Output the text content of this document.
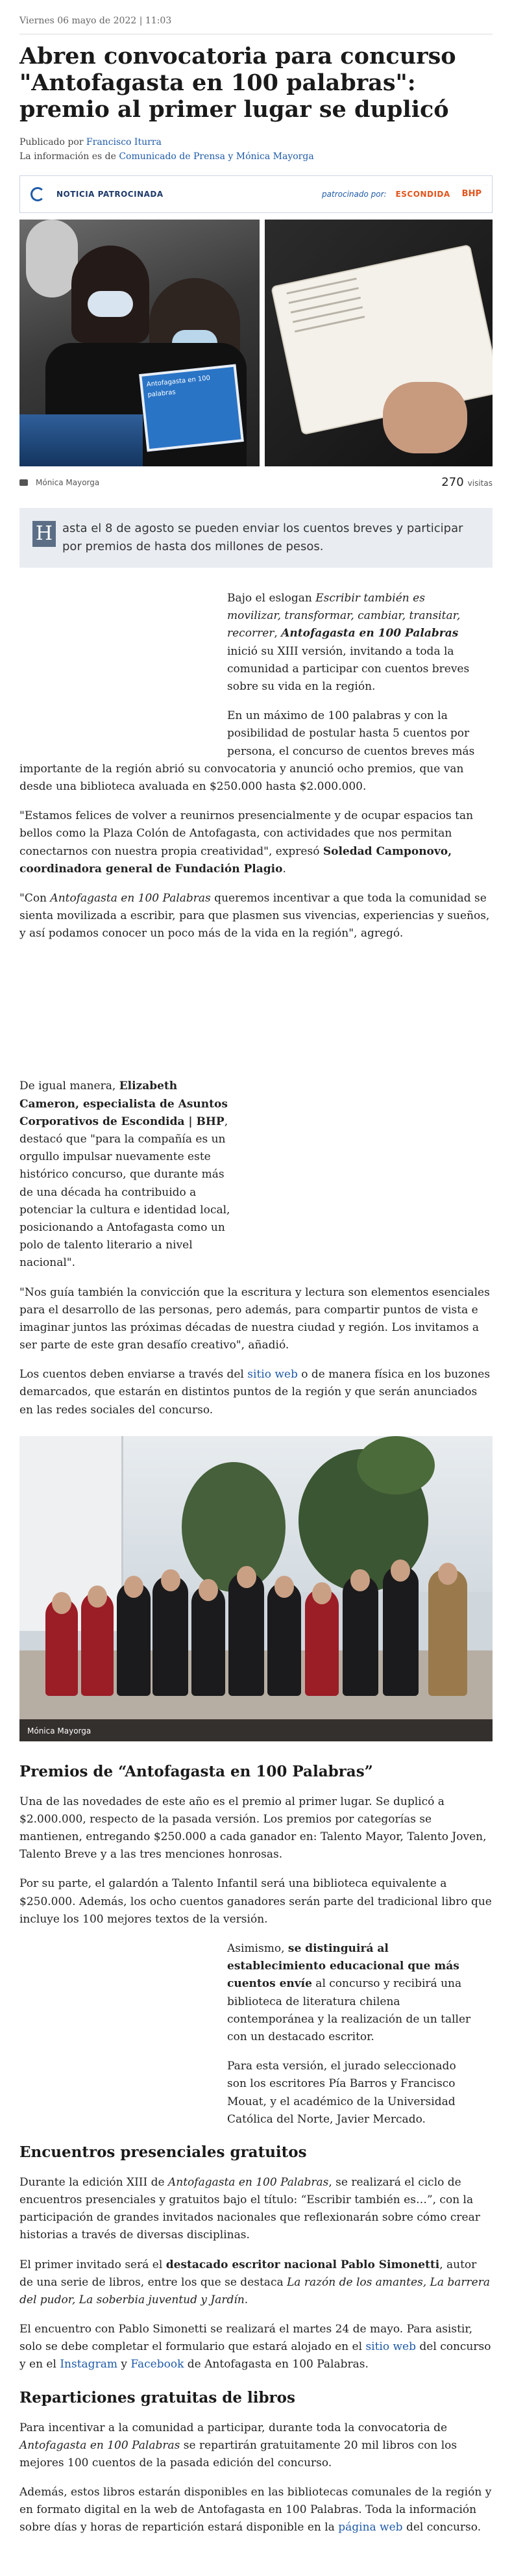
Viernes 06 mayo de 2022 | 11:03
Abren convocatoria para concurso "Antofagasta en 100 palabras": premio al primer lugar se duplicó
Publicado por Francisco Iturra
La información es de Comunicado de Prensa y Mónica Mayorga
NOTICIA PATROCINADA	patrocinado por: ESCONDIDA BHP
Antofagasta en 100 palabras
Mónica Mayorga	270 visitas
H asta el 8 de agosto se pueden enviar los cuentos breves y participar por premios de hasta dos millones de pesos.

Bajo el eslogan Escribir también es movilizar, transformar, cambiar, transitar, recorrer, Antofagasta en 100 Palabras inició su XIII versión, invitando a toda la comunidad a participar con cuentos breves sobre su vida en la región.

En un máximo de 100 palabras y con la posibilidad de postular hasta 5 cuentos por persona, el concurso de cuentos breves más
importante de la región abrió su convocatoria y anunció ocho premios, que van desde una biblioteca avaluada en $250.000 hasta $2.000.000.

"Estamos felices de volver a reunirnos presencialmente y de ocupar espacios tan bellos como la Plaza Colón de Antofagasta, con actividades que nos permitan conectarnos con nuestra propia creatividad", expresó Soledad Camponovo, coordinadora general de Fundación Plagio.

"Con Antofagasta en 100 Palabras queremos incentivar a que toda la comunidad se sienta movilizada a escribir, para que plasmen sus vivencias, experiencias y sueños, y así podamos conocer un poco más de la vida en la región", agregó.

De igual manera, Elizabeth Cameron, especialista de Asuntos Corporativos de Escondida | BHP, destacó que "para la compañía es un orgullo impulsar nuevamente este histórico concurso, que durante más de una década ha contribuido a potenciar la cultura e identidad local, posicionando a Antofagasta como un polo de talento literario a nivel nacional".

"Nos guía también la convicción que la escritura y lectura son elementos esenciales para el desarrollo de las personas, pero además, para compartir puntos de vista e imaginar juntos las próximas décadas de nuestra ciudad y región. Los invitamos a ser parte de este gran desafío creativo", añadió.

Los cuentos deben enviarse a través del sitio web o de manera física en los buzones demarcados, que estarán en distintos puntos de la región y que serán anunciados en las redes sociales del concurso.

Mónica Mayorga
Premios de “Antofagasta en 100 Palabras”

Una de las novedades de este año es el premio al primer lugar. Se duplicó a $2.000.000, respecto de la pasada versión. Los premios por categorías se mantienen, entregando $250.000 a cada ganador en: Talento Mayor, Talento Joven, Talento Breve y a las tres menciones honrosas.

Por su parte, el galardón a Talento Infantil será una biblioteca equivalente a $250.000. Además, los ocho cuentos ganadores serán parte del tradicional libro que incluye los 100 mejores textos de la versión.

Asimismo, se distinguirá al establecimiento educacional que más cuentos envíe al concurso y recibirá una biblioteca de literatura chilena contemporánea y la realización de un taller con un destacado escritor.

Para esta versión, el jurado seleccionado son los escritores Pía Barros y Francisco Mouat, y el académico de la Universidad Católica del Norte, Javier Mercado.

Encuentros presenciales gratuitos

Durante la edición XIII de Antofagasta en 100 Palabras, se realizará el ciclo de encuentros presenciales y gratuitos bajo el título: “Escribir también es…”, con la participación de grandes invitados nacionales que reflexionarán sobre cómo crear historias a través de diversas disciplinas.

El primer invitado será el destacado escritor nacional Pablo Simonetti, autor de una serie de libros, entre los que se destaca La razón de los amantes, La barrera del pudor, La soberbia juventud y Jardín.

El encuentro con Pablo Simonetti se realizará el martes 24 de mayo. Para asistir, solo se debe completar el formulario que estará alojado en el sitio web del concurso y en el Instagram y Facebook de Antofagasta en 100 Palabras.

Reparticiones gratuitas de libros

Para incentivar a la comunidad a participar, durante toda la convocatoria de Antofagasta en 100 Palabras se repartirán gratuitamente 20 mil libros con los mejores 100 cuentos de la pasada edición del concurso.

Además, estos libros estarán disponibles en las bibliotecas comunales de la región y en formato digital en la web de Antofagasta en 100 Palabras. Toda la información sobre días y horas de repartición estará disponible en la página web del concurso.
